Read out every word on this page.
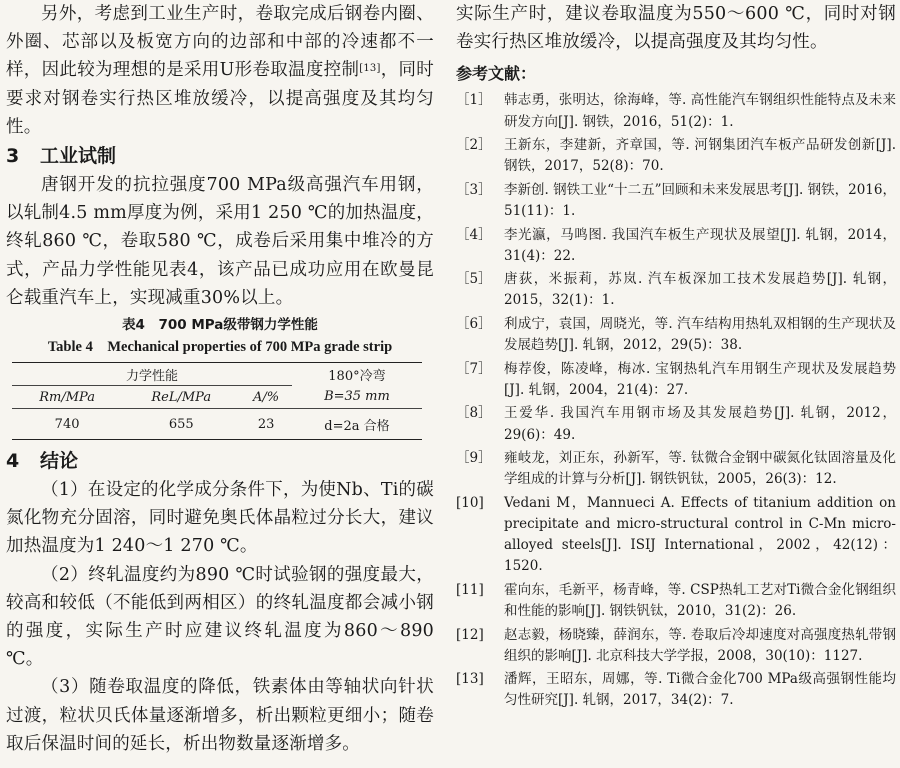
另外，考虑到工业生产时，卷取完成后钢卷内圈、外圈、芯部以及板宽方向的边部和中部的冷速都不一样，因此较为理想的是采用U形卷取温度控制[13]，同时要求对钢卷实行热区堆放缓冷，以提高强度及其均匀性。

3 工业试制

唐钢开发的抗拉强度700 MPa级高强汽车用钢，以轧制4.5 mm厚度为例，采用1 250 ℃的加热温度，终轧860 ℃，卷取580 ℃，成卷后采用集中堆冷的方式，产品力学性能见表4，该产品已成功应用在欧曼昆仑载重汽车上，实现减重30%以上。

表4　700 MPa级带钢力学性能

Table 4　Mechanical properties of 700 MPa grade strip

力学性能			180°冷弯
Rm/MPa	ReL/MPa	A/%	B=35 mm
740	655	23	d=2a 合格

4 结论

（1）在设定的化学成分条件下，为使Nb、Ti的碳氮化物充分固溶，同时避免奥氏体晶粒过分长大，建议加热温度为1 240～1 270 ℃。

（2）终轧温度约为890 ℃时试验钢的强度最大，较高和较低（不能低到两相区）的终轧温度都会减小钢的强度，实际生产时应建议终轧温度为860～890 ℃。

（3）随卷取温度的降低，铁素体由等轴状向针状过渡，粒状贝氏体量逐渐增多，析出颗粒更细小；随卷取后保温时间的延长，析出物数量逐渐增多。

实际生产时，建议卷取温度为550～600 ℃，同时对钢卷实行热区堆放缓冷，以提高强度及其均匀性。

参考文献：

［1］ 韩志勇，张明达，徐海峰，等. 高性能汽车钢组织性能特点及未来研发方向[J]. 钢铁，2016，51(2)：1.
［2］ 王新东，李建新，齐章国，等. 河钢集团汽车板产品研发创新[J]. 钢铁，2017，52(8)：70.
［3］ 李新创. 钢铁工业“十二五”回顾和未来发展思考[J]. 钢铁，2016，51(11)：1.
［4］ 李光瀛，马鸣图. 我国汽车板生产现状及展望[J]. 轧钢，2014，31(4)：22.
［5］ 唐荻，米振莉，苏岚. 汽车板深加工技术发展趋势[J]. 轧钢，2015，32(1)：1.
［6］ 利成宁，袁国，周晓光，等. 汽车结构用热轧双相钢的生产现状及发展趋势[J]. 轧钢，2012，29(5)：38.
［7］ 梅荐俊，陈凌峰，梅冰. 宝钢热轧汽车用钢生产现状及发展趋势[J]. 轧钢，2004，21(4)：27.
［8］ 王爱华. 我国汽车用钢市场及其发展趋势[J]. 轧钢，2012，29(6)：49.
［9］ 雍岐龙，刘正东，孙新军，等. 钛微合金钢中碳氮化钛固溶量及化学组成的计算与分析[J]. 钢铁钒钛，2005，26(3)：12.
[10]	Vedani M，Mannueci A. Effects of titanium addition on precipitate and micro-structural control in C-Mn micro-alloyed steels[J]. ISIJ International，2002，42(12)：1520.
[11]	霍向东，毛新平，杨青峰，等. CSP热轧工艺对Ti微合金化钢组织和性能的影响[J]. 钢铁钒钛，2010，31(2)：26.
[12]	赵志毅，杨晓臻，薛润东，等. 卷取后冷却速度对高强度热轧带钢组织的影响[J]. 北京科技大学学报，2008，30(10)：1127.
[13]	潘辉，王昭东，周娜，等. Ti微合金化700 MPa级高强钢性能均匀性研究[J]. 轧钢，2017，34(2)：7.
